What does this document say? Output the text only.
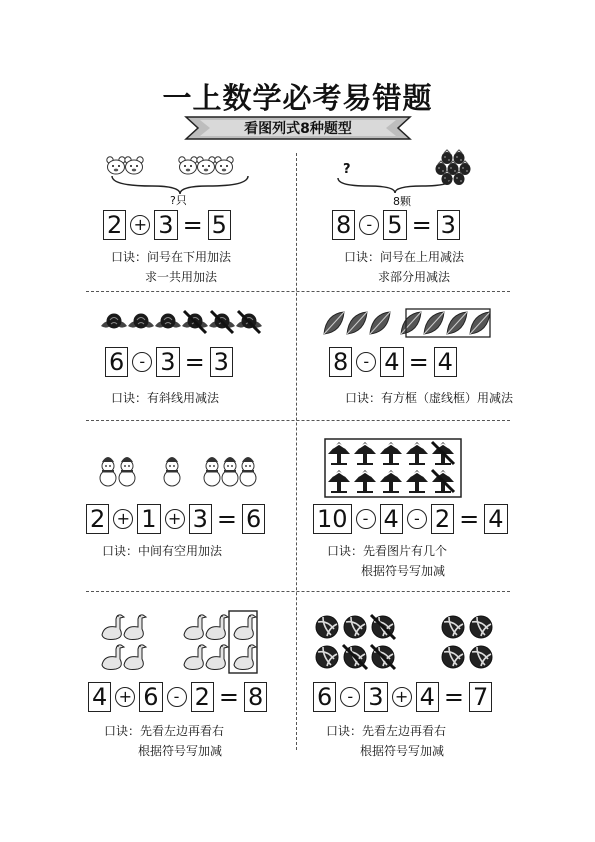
一上数学必考易错题
看图列式8种题型
?只
2 + 3 = 5
口诀：问号在下用加法
求一共用加法
?
8颗
8 - 5 = 3
口诀：问号在上用减法
求部分用减法
6 - 3 = 3
口诀：有斜线用减法
8 - 4 = 4
口诀：有方框（虚线框）用减法
2 + 1 + 3 = 6
口诀：中间有空用加法
10 - 4 - 2 = 4
口诀：先看图片有几个
根据符号写加减
4 + 6 - 2 = 8
口诀：先看左边再看右
根据符号写加减
6 - 3 + 4 = 7
口诀：先看左边再看右
根据符号写加减
